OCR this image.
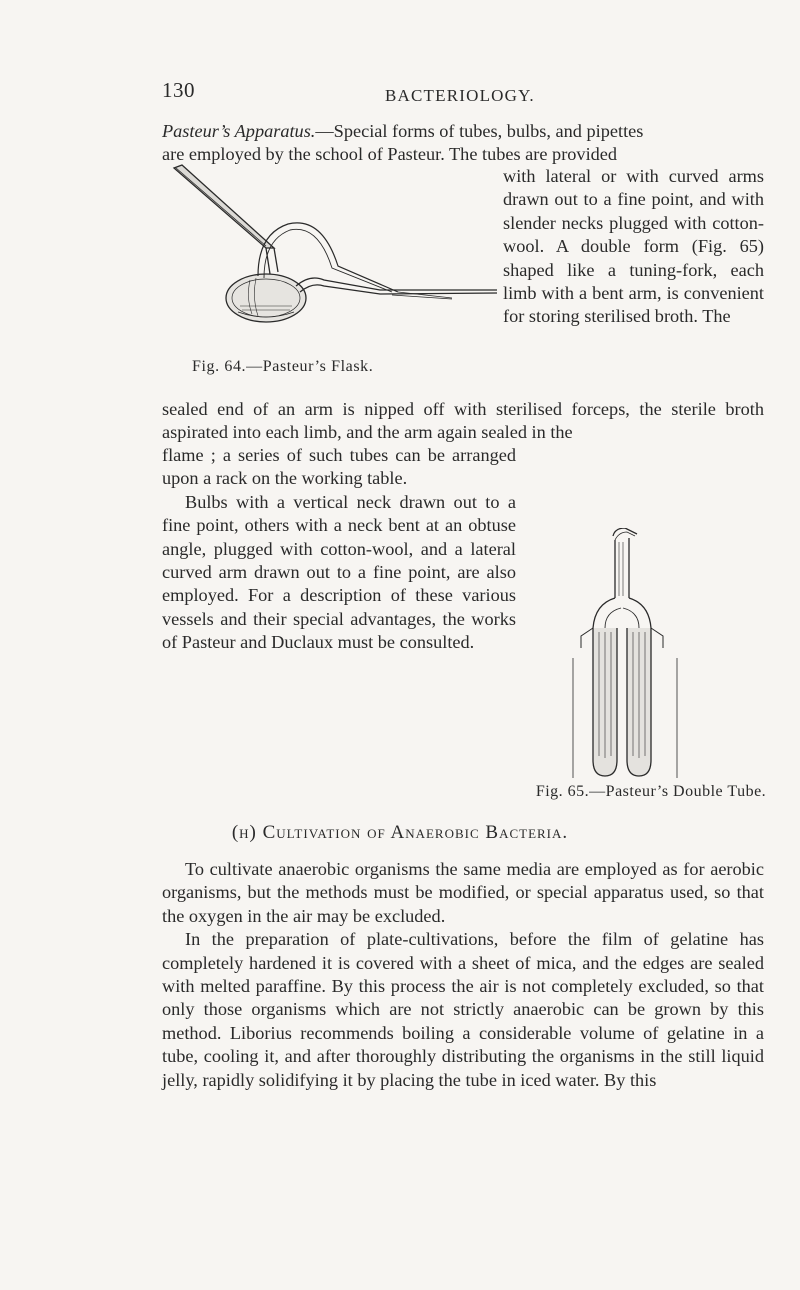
130	BACTERIOLOGY.
Pasteur’s Apparatus.—Special forms of tubes, bulbs, and pipettes
are employed by the school of Pasteur. The tubes are provided
Fig. 64.—Pasteur’s Flask.

with lateral or with curved arms drawn out to a fine point, and with slender necks plugged with cotton-wool. A double form (Fig. 65) shaped like a tuning-fork, each limb with a bent arm, is convenient for storing sterilised broth. The

sealed end of an arm is nipped off with sterilised forceps, the sterile broth aspirated into each limb, and the arm again sealed in the

flame ; a series of such tubes can be arranged upon a rack on the working table.

Bulbs with a vertical neck drawn out to a fine point, others with a neck bent at an obtuse angle, plugged with cotton-wool, and a lateral curved arm drawn out to a fine point, are also employed. For a description of these various vessels and their special advantages, the works of Pasteur and Duclaux must be consulted.

Fig. 65.—Pasteur’s Double Tube.
(h) Cultivation of Anaerobic Bacteria.

To cultivate anaerobic organisms the same media are employed as for aerobic organisms, but the methods must be modified, or special apparatus used, so that the oxygen in the air may be excluded.

In the preparation of plate-cultivations, before the film of gelatine has completely hardened it is covered with a sheet of mica, and the edges are sealed with melted paraffine. By this process the air is not completely excluded, so that only those organisms which are not strictly anaerobic can be grown by this method. Liborius recommends boiling a considerable volume of gelatine in a tube, cooling it, and after thoroughly distributing the organisms in the still liquid jelly, rapidly solidifying it by placing the tube in iced water. By this
